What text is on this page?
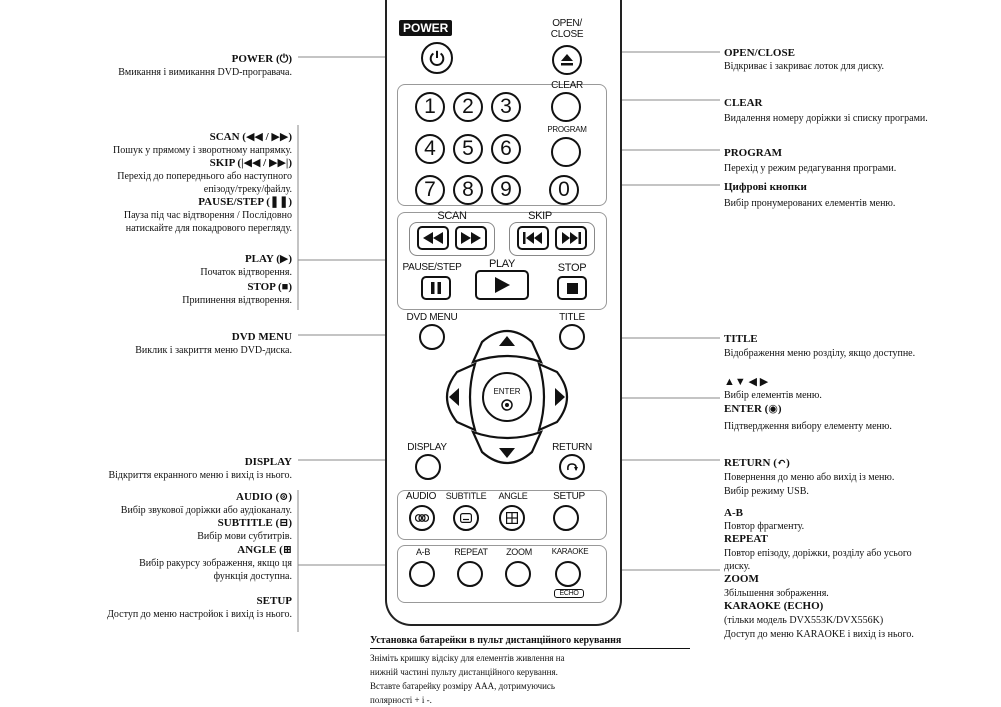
POWER (⏻)
Вмикання і вимикання DVD-програвача.
SCAN (◀◀ / ▶▶)
Пошук у прямому і зворотному напрямку.
SKIP (|◀◀ / ▶▶|)
Перехід до попереднього або наступного
епізоду/треку/файлу.
PAUSE/STEP (❚❚)
Пауза під час відтворення / Послідовно
натискайте для покадрового перегляду.
PLAY (▶)
Початок відтворення.
STOP (■)
Припинення відтворення.
DVD MENU
Виклик і закриття меню DVD-диска.
DISPLAY
Відкриття екранного меню і вихід із нього.
AUDIO (⊚)
Вибір звукової доріжки або аудіоканалу.
SUBTITLE (⊟)
Вибір мови субтитрів.
ANGLE (⊞
Вибір ракурсу зображення, якщо ця
функція доступна.
SETUP
Доступ до меню настройок і вихід із нього.
OPEN/CLOSE
Відкриває і закриває лоток для диску.
CLEAR
Видалення номеру доріжки зі списку програми.
PROGRAM
Перехід у режим редагування програми.
Цифрові кнопки
Вибір пронумерованих елементів меню.
TITLE
Відображення меню розділу, якщо доступне.
▲▼ ◀ ▶
Вибір елементів меню.
ENTER (◉)
Підтвердження вибору елементу меню.
RETURN (↶)
Повернення до меню або вихід із меню.
Вибір режиму USB.
A-B
Повтор фрагменту.
REPEAT
Повтор епізоду, доріжки, розділу або усього
диску.
ZOOM
Збільшення зображення.
KARAOKE (ECHO)
(тільки модель DVX553K/DVX556K)
Доступ до меню KARAOKE і вихід із нього.
Установка батарейки в пульт дистанційного керування
Зніміть кришку відсіку для елементів живлення на
нижній частині пульту дистанційного керування.
Вставте батарейку розміру ААА, дотримуючись
полярності + і -.
POWER	OPEN/
CLOSE
1	2	3
4	5	6
7	8	9	0
CLEAR
PROGRAM
SCAN	SKIP
PAUSE/STEP	PLAY	STOP
DVD MENU	TITLE
ENTER
DISPLAY	RETURN
AUDIO	SUBTITLE	ANGLE	SETUP
A-B	REPEAT	ZOOM	KARAOKE
ECHO
